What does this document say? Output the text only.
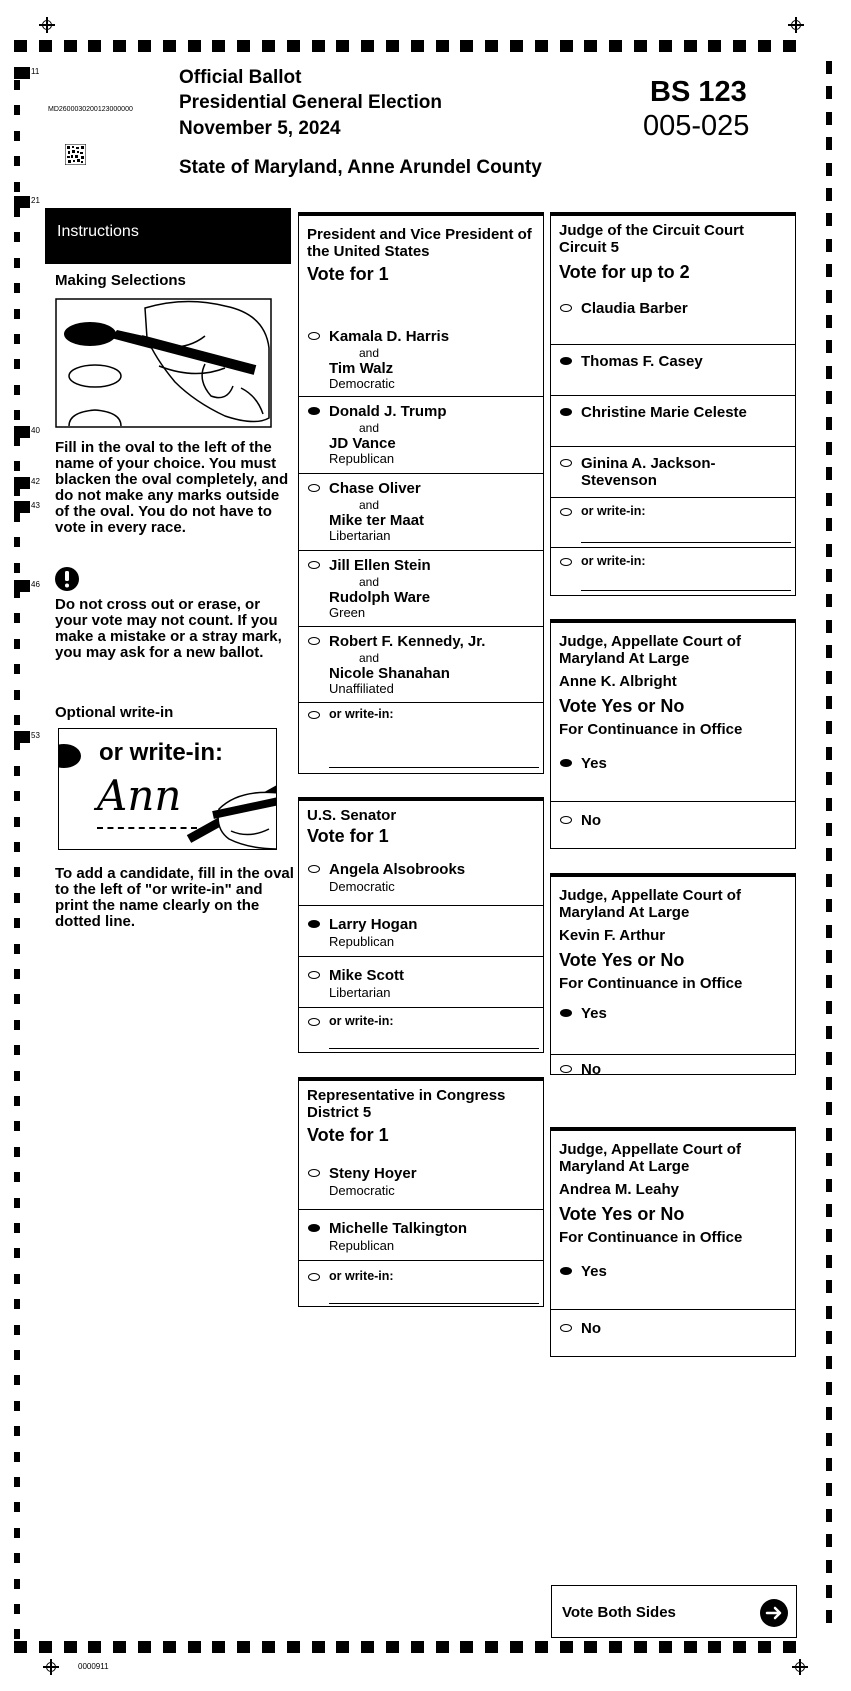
11
21
40
42
43
46
53
Official Ballot
Presidential General Election
November 5, 2024
State of Maryland, Anne Arundel County
BS 123
005-025
MD2600030200123000000
Instructions
Making Selections
Fill in the oval to the left of the name of your choice. You must blacken the oval completely, and do not make any marks outside of the oval. You do not have to vote in every race.
Do not cross out or erase, or your vote may not count. If you make a mistake or a stray mark, you may ask for a new ballot.
Optional write-in
or write-in:
Ann
To add a candidate, fill in the oval to the left of "or write-in" and print the name clearly on the dotted line.
President and Vice President of the United States
Vote for 1
Kamala D. Harris
and
Tim Walz
Democratic
Donald J. Trump
and
JD Vance
Republican
Chase Oliver
and
Mike ter Maat
Libertarian
Jill Ellen Stein
and
Rudolph Ware
Green
Robert F. Kennedy, Jr.
and
Nicole Shanahan
Unaffiliated
or write-in:
U.S. Senator
Vote for 1
Angela Alsobrooks
Democratic
Larry Hogan
Republican
Mike Scott
Libertarian
or write-in:
Representative in Congress District 5
Vote for 1
Steny Hoyer
Democratic
Michelle Talkington
Republican
or write-in:
Judge of the Circuit Court Circuit 5
Vote for up to 2
Claudia Barber
Thomas F. Casey
Christine Marie Celeste
Ginina A. Jackson-Stevenson
or write-in:
or write-in:
Judge, Appellate Court of Maryland At Large
Anne K. Albright
Vote Yes or No
For Continuance in Office
Yes
No
Judge, Appellate Court of Maryland At Large
Kevin F. Arthur
Vote Yes or No
For Continuance in Office
Yes
No
Judge, Appellate Court of Maryland At Large
Andrea M. Leahy
Vote Yes or No
For Continuance in Office
Yes
No
Vote Both Sides
0000911
